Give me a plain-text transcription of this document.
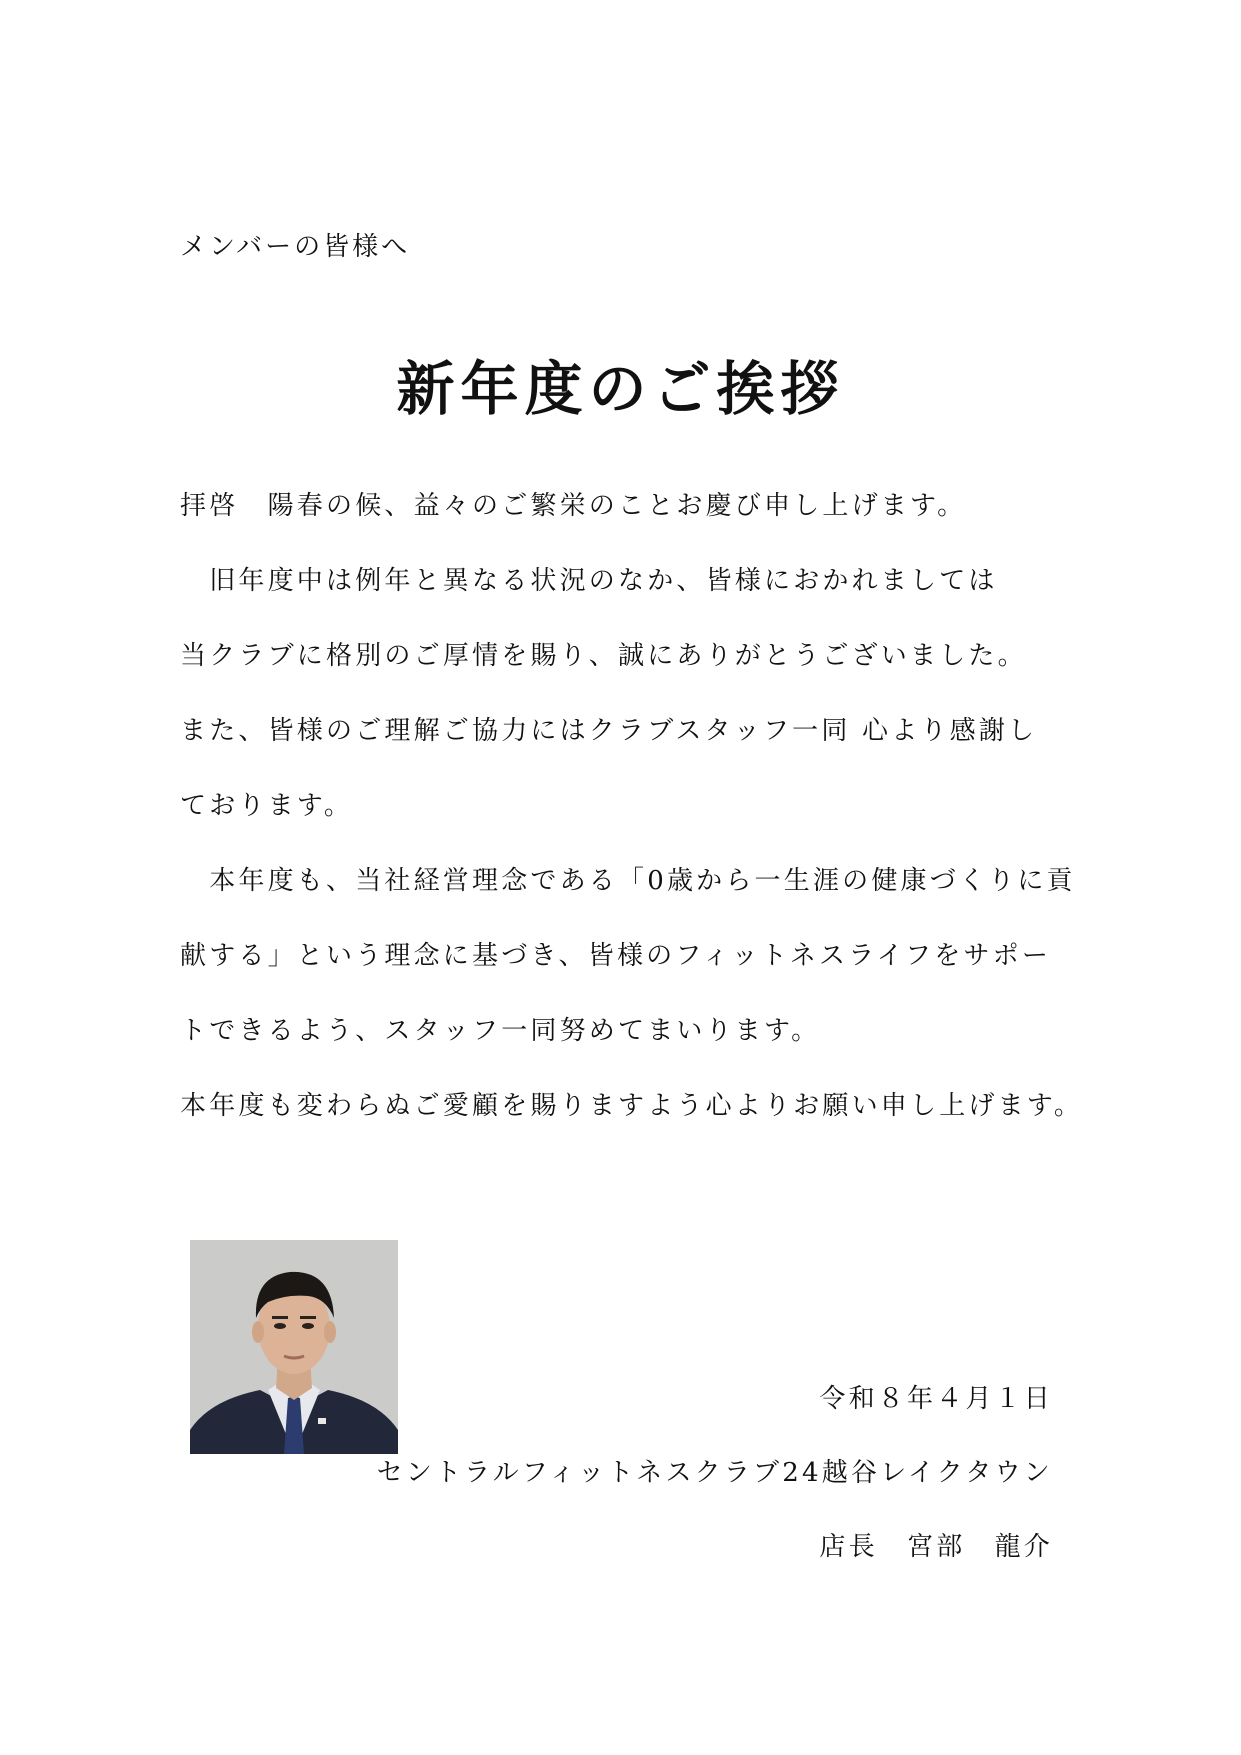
メンバーの皆様へ
新年度のご挨拶
拝啓　陽春の候、益々のご繁栄のことお慶び申し上げます。
　旧年度中は例年と異なる状況のなか、皆様におかれましては
当クラブに格別のご厚情を賜り、誠にありがとうございました。
また、皆様のご理解ご協力にはクラブスタッフ一同 心より感謝し
ております。
　本年度も、当社経営理念である「0歳から一生涯の健康づくりに貢
献する」という理念に基づき、皆様のフィットネスライフをサポー
トできるよう、スタッフ一同努めてまいります。
本年度も変わらぬご愛顧を賜りますよう心よりお願い申し上げます。
令和８年４月１日
セントラルフィットネスクラブ24越谷レイクタウン
店長　宮部　龍介
